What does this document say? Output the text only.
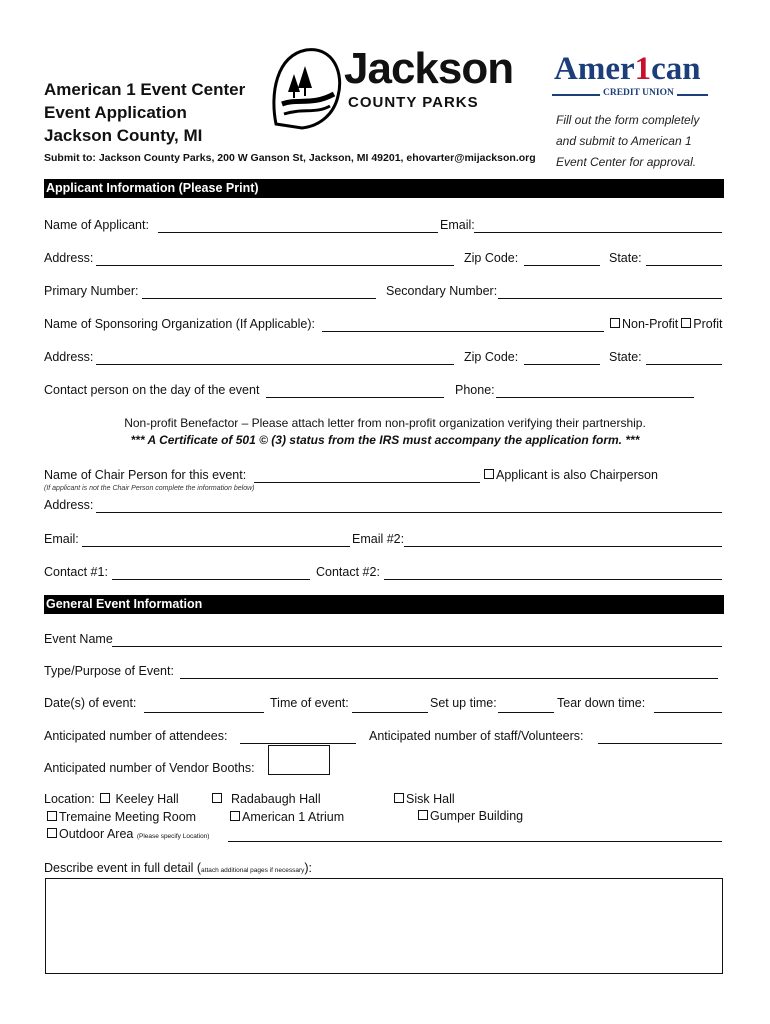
American 1 Event Center
Event Application
Jackson County, MI
Submit to: Jackson County Parks, 200 W Ganson St, Jackson, MI 49201, ehovarter@mijackson.org
Jackson
COUNTY PARKS
Amer1can
CREDIT UNION
Fill out the form completely
and submit to American 1
Event Center for approval.
Applicant Information (Please Print)
Name of Applicant:	Email:
Address:	Zip Code:	State:
Primary Number:	Secondary Number:
Name of Sponsoring Organization (If Applicable):	Non-Profit Profit
Address:	Zip Code:	State:
Contact person on the day of the event	Phone:
Non-profit Benefactor – Please attach letter from non-profit organization verifying their partnership.
*** A Certificate of 501 © (3) status from the IRS must accompany the application form. ***
Name of Chair Person for this event:	Applicant is also Chairperson
(If applicant is not the Chair Person complete the information below)
Address:
Email:	Email #2:
Contact #1:	Contact #2:
General Event Information
Event Name
Type/Purpose of Event:
Date(s) of event:	Time of event:	Set up time:	Tear down time:
Anticipated number of attendees:	Anticipated number of staff/Volunteers:
Anticipated number of Vendor Booths:
Location:	Keeley Hall	Radabaugh Hall	Sisk Hall
Tremaine Meeting Room	American 1 Atrium	Gumper Building
Outdoor Area (Please specify Location)
Describe event in full detail (attach additional pages if necessary):
